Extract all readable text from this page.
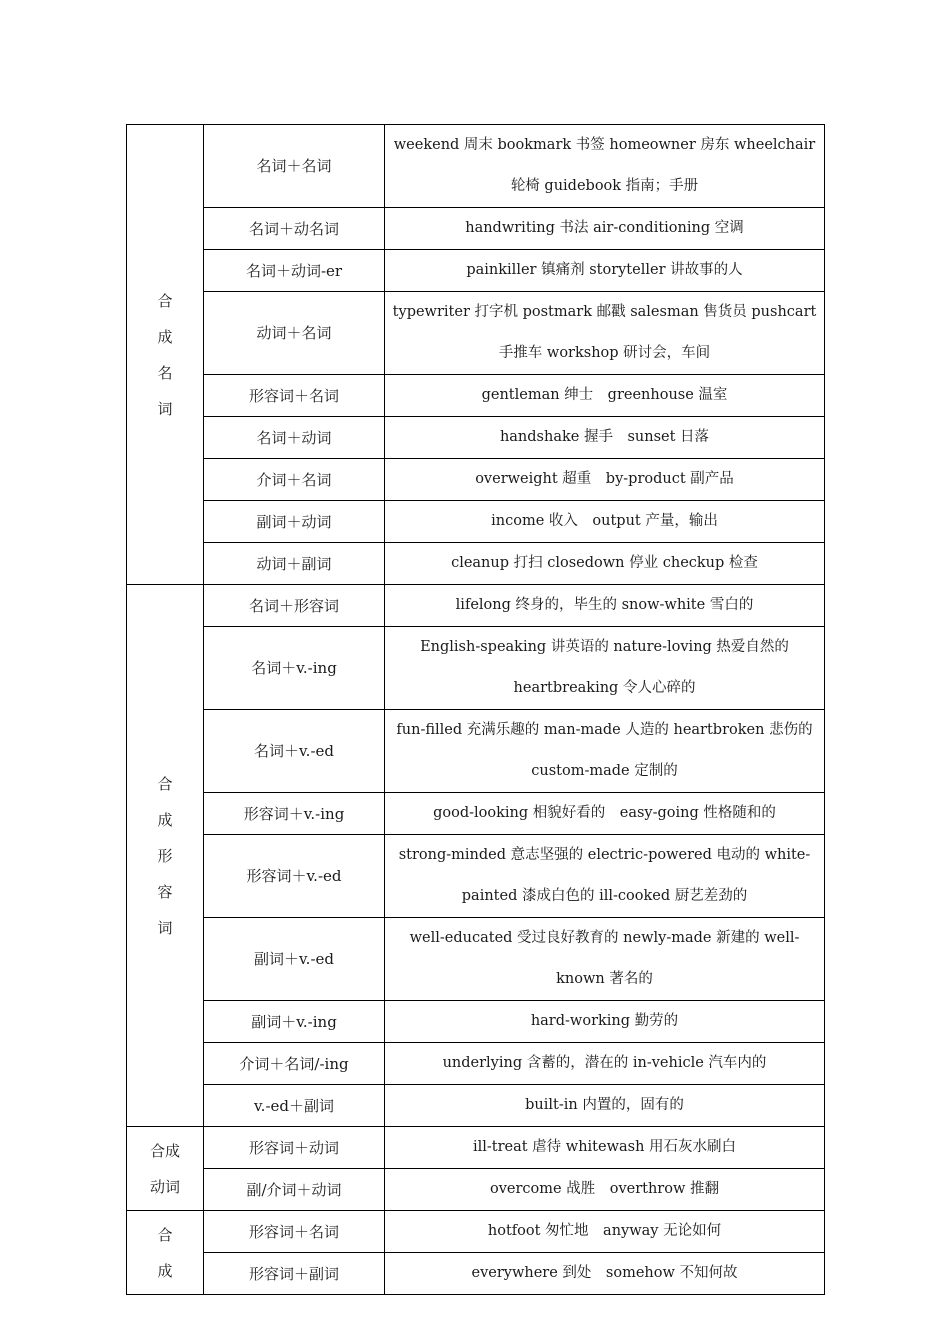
合
成
名
词	名词＋名词	weekend 周末 bookmark 书签 homeowner 房东 wheelchair 轮椅 guidebook 指南；手册
	名词＋动名词	handwriting 书法 air-conditioning 空调
	名词＋动词-er	painkiller 镇痛剂 storyteller 讲故事的人
	动词＋名词	typewriter 打字机 postmark 邮戳 salesman 售货员 pushcart 手推车 workshop 研讨会，车间
	形容词＋名词	gentleman 绅士　greenhouse 温室
	名词＋动词	handshake 握手　sunset 日落
	介词＋名词	overweight 超重　by-product 副产品
	副词＋动词	income 收入　output 产量，输出
	动词＋副词	cleanup 打扫 closedown 停业 checkup 检查

合
成
形
容
词	名词＋形容词	lifelong 终身的，毕生的 snow-white 雪白的
	名词＋v.-ing	English-speaking 讲英语的 nature-loving 热爱自然的 heartbreaking 令人心碎的
	名词＋v.-ed	fun-filled 充满乐趣的 man-made 人造的 heartbroken 悲伤的 custom-made 定制的
	形容词＋v.-ing	good-looking 相貌好看的　easy-going 性格随和的
	形容词＋v.-ed	strong-minded 意志坚强的 electric-powered 电动的 white-painted 漆成白色的 ill-cooked 厨艺差劲的
	副词＋v.-ed	well-educated 受过良好教育的 newly-made 新建的 well-known 著名的
	副词＋v.-ing	hard-working 勤劳的
	介词＋名词/-ing	underlying 含蓄的，潜在的 in-vehicle 汽车内的
	v.-ed＋副词	built-in 内置的，固有的

合成
动词	形容词＋动词	ill-treat 虐待 whitewash 用石灰水刷白
	副/介词＋动词	overcome 战胜　overthrow 推翻

合
成	形容词＋名词	hotfoot 匆忙地　anyway 无论如何
	形容词＋副词	everywhere 到处　somehow 不知何故
